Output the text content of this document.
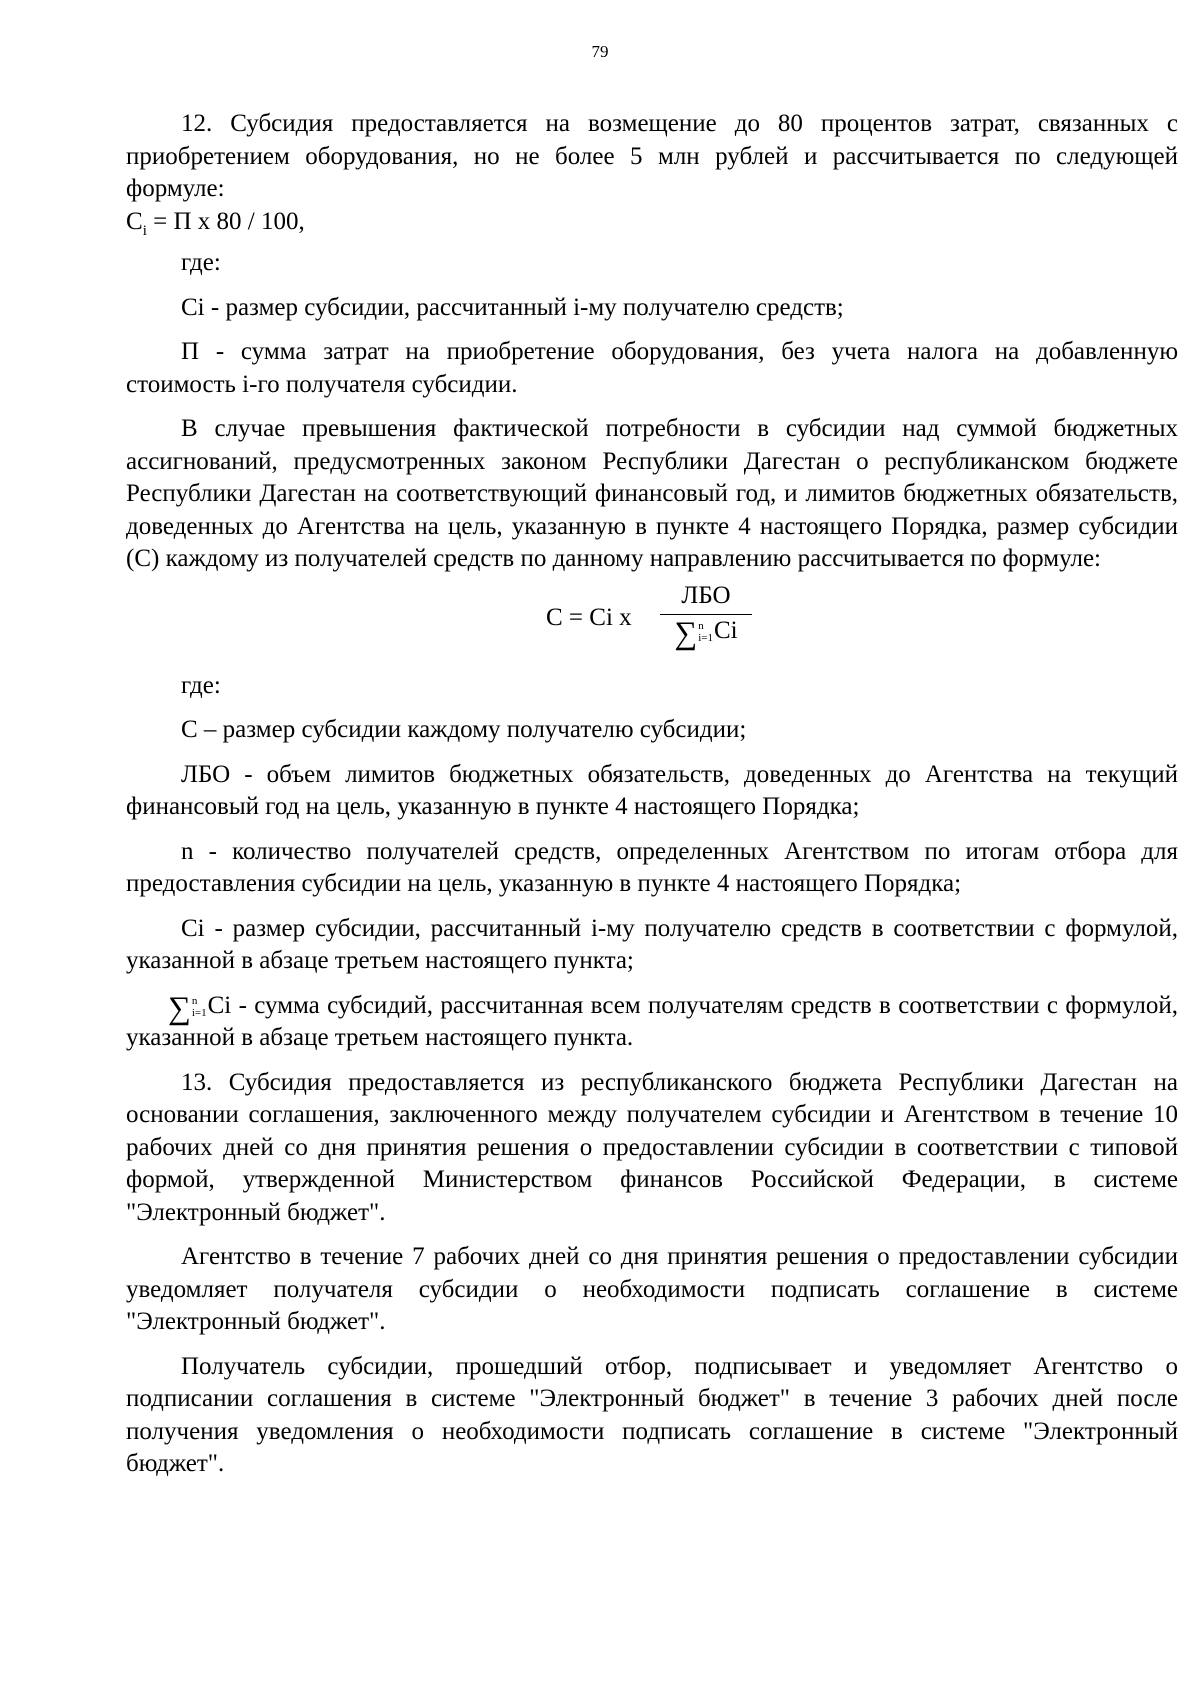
79

12. Субсидия предоставляется на возмещение до 80 процентов затрат, связанных с приобретением оборудования, но не более 5 млн рублей и рассчитывается по следующей формуле:

$C_i = П$ х 80 / 100,

где:

Ci - размер субсидии, рассчитанный i-му получателю средств;

П - сумма затрат на приобретение оборудования, без учета налога на добавленную стоимость i-го получателя субсидии.

В случае превышения фактической потребности в субсидии над суммой бюджетных ассигнований, предусмотренных законом Республики Дагестан о республиканском бюджете Республики Дагестан на соответствующий финансовый год, и лимитов бюджетных обязательств, доведенных до Агентства на цель, указанную в пункте 4 настоящего Порядка, размер субсидии (С) каждому из получателей средств по данному направлению рассчитывается по формуле:

С = Ci х
ЛБО
∑ n
i=1 Ci

где:

С – размер субсидии каждому получателю субсидии;

ЛБО - объем лимитов бюджетных обязательств, доведенных до Агентства на текущий финансовый год на цель, указанную в пункте 4 настоящего Порядка;

n - количество получателей средств, определенных Агентством по итогам отбора для предоставления субсидии на цель, указанную в пункте 4 настоящего Порядка;

Ci - размер субсидии, рассчитанный i-му получателю средств в соответствии с формулой, указанной в абзаце третьем настоящего пункта;

∑ n
i=1 Ci - сумма субсидий, рассчитанная всем получателям средств в соответствии с формулой, указанной в абзаце третьем настоящего пункта.

13. Субсидия предоставляется из республиканского бюджета Республики Дагестан на основании соглашения, заключенного между получателем субсидии и Агентством в течение 10 рабочих дней со дня принятия решения о предоставлении субсидии в соответствии с типовой формой, утвержденной Министерством финансов Российской Федерации, в системе "Электронный бюджет".

Агентство в течение 7 рабочих дней со дня принятия решения о предоставлении субсидии уведомляет получателя субсидии о необходимости подписать соглашение в системе "Электронный бюджет".

Получатель субсидии, прошедший отбор, подписывает и уведомляет Агентство о подписании соглашения в системе "Электронный бюджет" в течение 3 рабочих дней после получения уведомления о необходимости подписать соглашение в системе "Электронный бюджет".
